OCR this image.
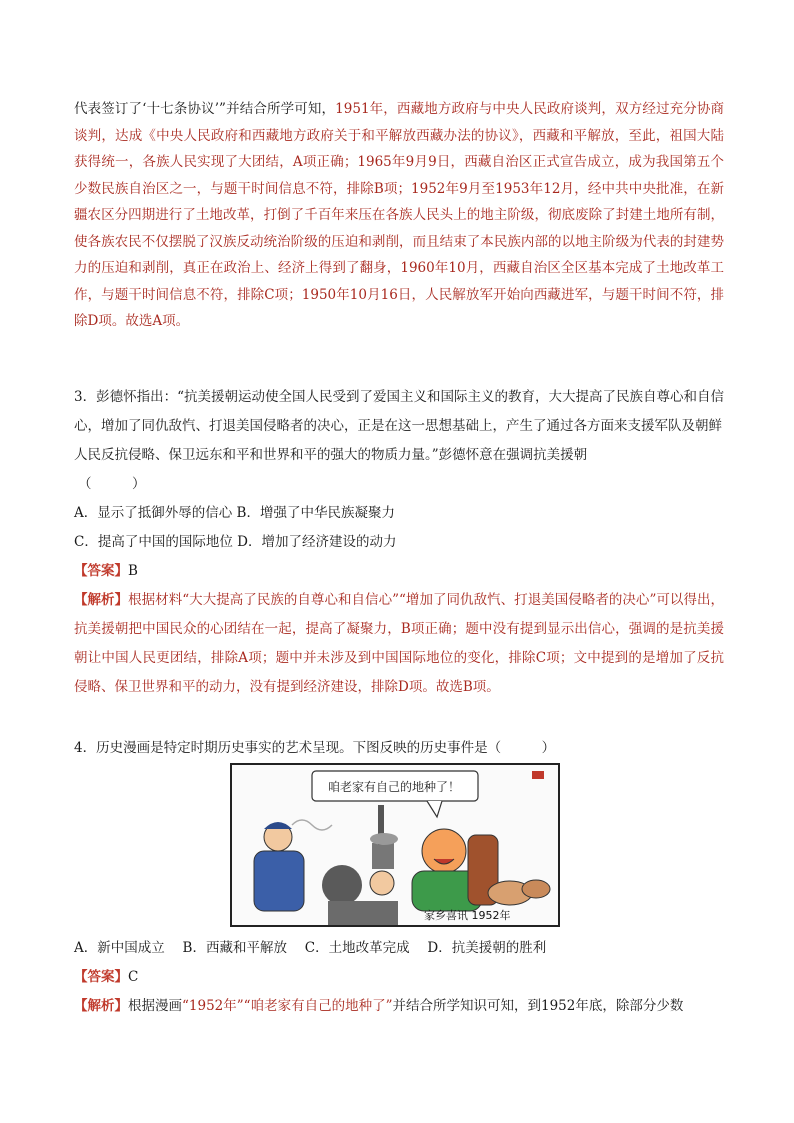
代表签订了‘十七条协议’”并结合所学可知，1951年，西藏地方政府与中央人民政府谈判，双方经过充分协商谈判，达成《中央人民政府和西藏地方政府关于和平解放西藏办法的协议》，西藏和平解放，至此，祖国大陆获得统一，各族人民实现了大团结，A项正确；1965年9月9日，西藏自治区正式宣告成立，成为我国第五个少数民族自治区之一，与题干时间信息不符，排除B项；1952年9月至1953年12月，经中共中央批准，在新疆农区分四期进行了土地改革，打倒了千百年来压在各族人民头上的地主阶级，彻底废除了封建土地所有制，使各族农民不仅摆脱了汉族反动统治阶级的压迫和剥削，而且结束了本民族内部的以地主阶级为代表的封建势力的压迫和剥削，真正在政治上、经济上得到了翻身，1960年10月，西藏自治区全区基本完成了土地改革工作，与题干时间信息不符，排除C项；1950年10月16日，人民解放军开始向西藏进军，与题干时间不符，排除D项。故选A项。

3．彭德怀指出：“抗美援朝运动使全国人民受到了爱国主义和国际主义的教育，大大提高了民族自尊心和自信心，增加了同仇敌忾、打退美国侵略者的决心，正是在这一思想基础上，产生了通过各方面来支援军队及朝鲜人民反抗侵略、保卫远东和平和世界和平的强大的物质力量。”彭德怀意在强调抗美援朝

（　　　）

A．显示了抵御外辱的信心 B．增强了中华民族凝聚力

C．提高了中国的国际地位 D．增加了经济建设的动力

【答案】B

【解析】根据材料“大大提高了民族的自尊心和自信心”“增加了同仇敌忾、打退美国侵略者的决心”可以得出，抗美援朝把中国民众的心团结在一起，提高了凝聚力，B项正确；题中没有提到显示出信心，强调的是抗美援朝让中国人民更团结，排除A项；题中并未涉及到中国国际地位的变化，排除C项；文中提到的是增加了反抗侵略、保卫世界和平的动力，没有提到经济建设，排除D项。故选B项。

4．历史漫画是特定时期历史事实的艺术呈现。下图反映的历史事件是（　　　）

咱老家有自己的地种了！
家乡喜讯 1952年

A．新中国成立　 B．西藏和平解放　 C．土地改革完成　 D．抗美援朝的胜利

【答案】C

【解析】根据漫画“1952年”“咱老家有自己的地种了”并结合所学知识可知，到1952年底，除部分少数
